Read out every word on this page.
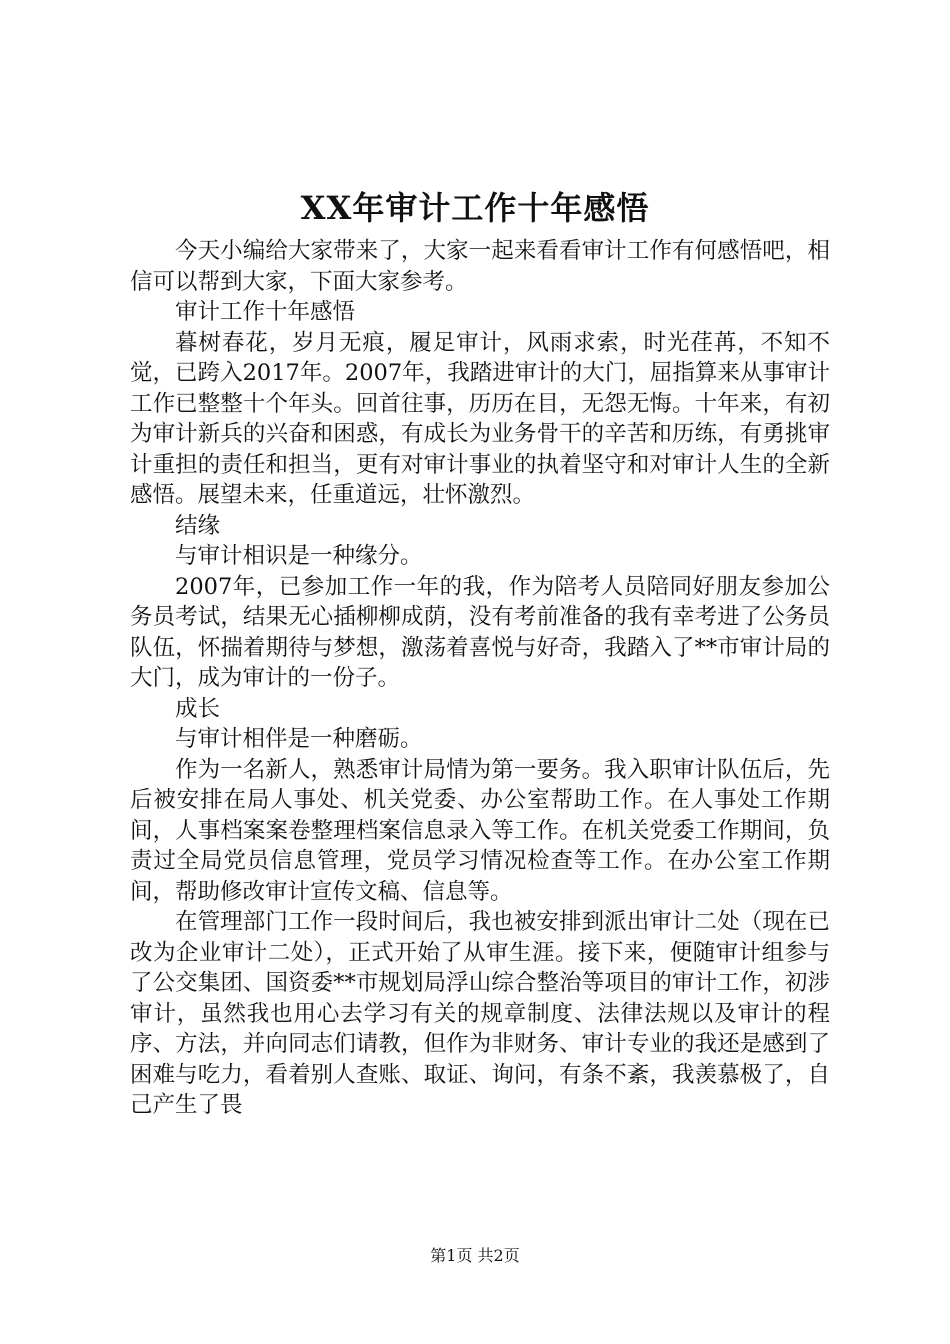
XX年审计工作十年感悟

今天小编给大家带来了，大家一起来看看审计工作有何感悟吧，相信可以帮到大家，下面大家参考。

审计工作十年感悟

暮树春花，岁月无痕，履足审计，风雨求索，时光荏苒，不知不觉，已跨入2017年。2007年，我踏进审计的大门，屈指算来从事审计工作已整整十个年头。回首往事，历历在目，无怨无悔。十年来，有初为审计新兵的兴奋和困惑，有成长为业务骨干的辛苦和历练，有勇挑审计重担的责任和担当，更有对审计事业的执着坚守和对审计人生的全新感悟。展望未来，任重道远，壮怀激烈。

结缘

与审计相识是一种缘分。

2007年，已参加工作一年的我，作为陪考人员陪同好朋友参加公务员考试，结果无心插柳柳成荫，没有考前准备的我有幸考进了公务员队伍，怀揣着期待与梦想，激荡着喜悦与好奇，我踏入了**市审计局的大门，成为审计的一份子。

成长

与审计相伴是一种磨砺。

作为一名新人，熟悉审计局情为第一要务。我入职审计队伍后，先后被安排在局人事处、机关党委、办公室帮助工作。在人事处工作期间，人事档案案卷整理档案信息录入等工作。在机关党委工作期间，负责过全局党员信息管理，党员学习情况检查等工作。在办公室工作期间，帮助修改审计宣传文稿、信息等。

在管理部门工作一段时间后，我也被安排到派出审计二处（现在已改为企业审计二处），正式开始了从审生涯。接下来，便随审计组参与了公交集团、国资委**市规划局浮山综合整治等项目的审计工作，初涉审计，虽然我也用心去学习有关的规章制度、法律法规以及审计的程序、方法，并向同志们请教，但作为非财务、审计专业的我还是感到了困难与吃力，看着别人查账、取证、询问，有条不紊，我羡慕极了，自己产生了畏

第1页 共2页
